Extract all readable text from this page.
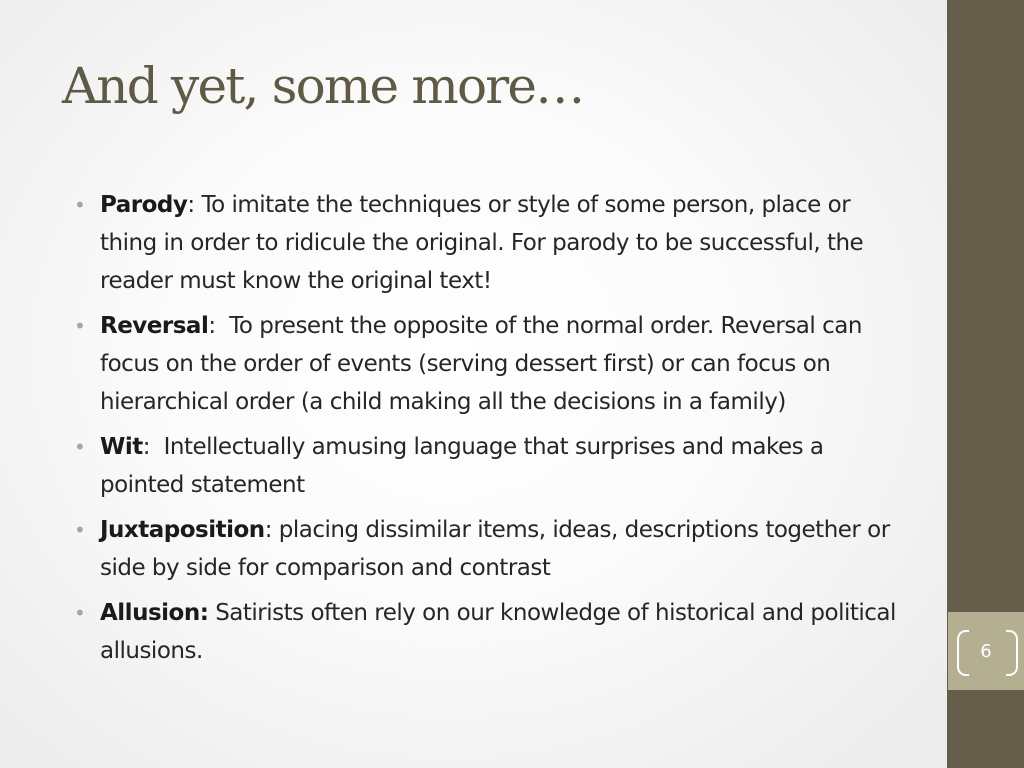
And yet, some more…
• Parody: To imitate the techniques or style of some person, place or thing in order to ridicule the original. For parody to be successful, the reader must know the original text!
• Reversal:  To present the opposite of the normal order. Reversal can focus on the order of events (serving dessert first) or can focus on hierarchical order (a child making all the decisions in a family)
• Wit:  Intellectually amusing language that surprises and makes a pointed statement
• Juxtaposition: placing dissimilar items, ideas, descriptions together or side by side for comparison and contrast
• Allusion: Satirists often rely on our knowledge of historical and political allusions.	6
